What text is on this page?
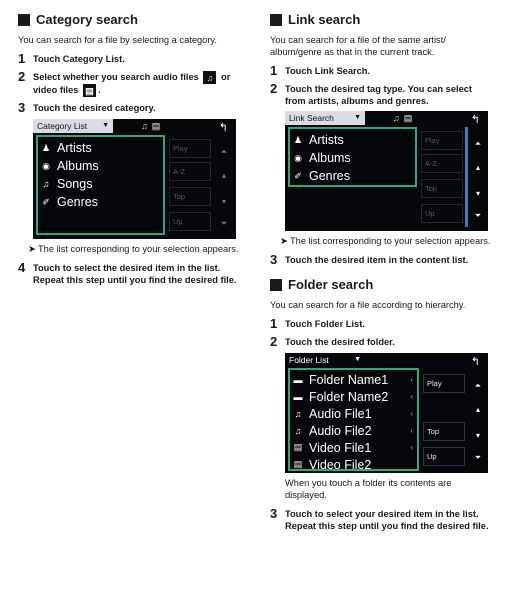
Category search

You can search for a file by selecting a category.

1 Touch Category List.
2 Select whether you search audio files ♫ or video files ▤ .
3 Touch the desired category.
Category List ▼	♫ ▤	↰
♟ Artists
◉ Albums
♫ Songs
✐ Genres
Play
A-Z
Top
Up
⏶
▴
▾
⏷
➤ The list corresponding to your selection appears.
4 Touch to select the desired item in the list. Repeat this step until you find the desired file.
Link search

You can search for a file of the same artist/ album/genre as that in the current track.

1 Touch Link Search.
2 Touch the desired tag type. You can select from artists, albums and genres.
Link Search	▼	♫ ▤	↰
♟ Artists
◉ Albums
✐ Genres
Play
A-Z
Top
Up
⏶
▴
▾
⏷
➤ The list corresponding to your selection appears.
3 Touch the desired item in the content list.
Folder search

You can search for a file according to hierarchy.

1 Touch Folder List.
2 Touch the desired folder.
Folder List	▼	↰
▬ Folder Name1	‹
▬ Folder Name2	‹
♫ Audio File1	‹
♫ Audio File2	‹
▤ Video File1	‹
▤ Video File2
Play
Top
Up
⏶
▴
▾
⏷

When you touch a folder its contents are displayed.

3 Touch to select your desired item in the list. Repeat this step until you find the desired file.
